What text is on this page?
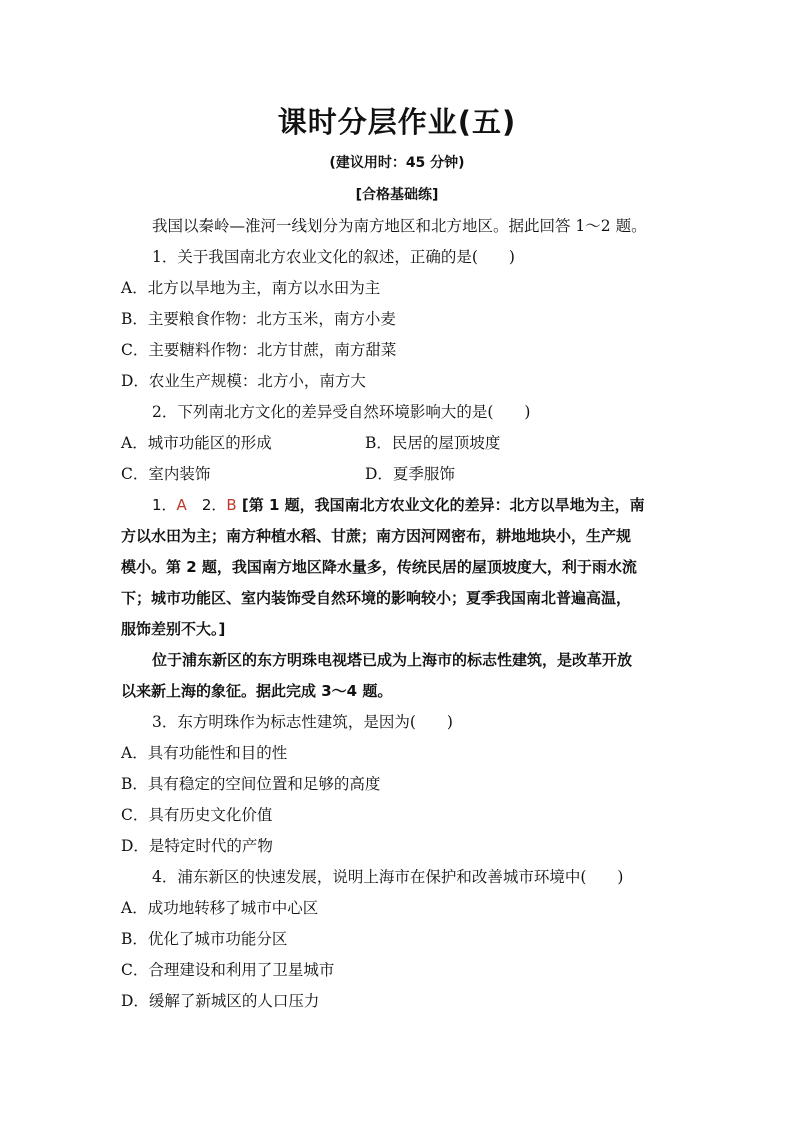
课时分层作业(五)
(建议用时：45 分钟)
[合格基础练]
我国以秦岭—淮河一线划分为南方地区和北方地区。据此回答 1～2 题。
1．关于我国南北方农业文化的叙述，正确的是(　　)
A．北方以旱地为主，南方以水田为主
B．主要粮食作物：北方玉米，南方小麦
C．主要糖料作物：北方甘蔗，南方甜菜
D．农业生产规模：北方小，南方大
2．下列南北方文化的差异受自然环境影响大的是(　　)
A．城市功能区的形成	B．民居的屋顶坡度
C．室内装饰	D．夏季服饰
1．A　2．B [第 1 题，我国南北方农业文化的差异：北方以旱地为主，南
方以水田为主；南方种植水稻、甘蔗；南方因河网密布，耕地地块小，生产规
模小。第 2 题，我国南方地区降水量多，传统民居的屋顶坡度大，利于雨水流
下；城市功能区、室内装饰受自然环境的影响较小；夏季我国南北普遍高温，
服饰差别不大。]
位于浦东新区的东方明珠电视塔已成为上海市的标志性建筑，是改革开放
以来新上海的象征。据此完成 3～4 题。
3．东方明珠作为标志性建筑，是因为(　　)
A．具有功能性和目的性
B．具有稳定的空间位置和足够的高度
C．具有历史文化价值
D．是特定时代的产物
4．浦东新区的快速发展，说明上海市在保护和改善城市环境中(　　)
A．成功地转移了城市中心区
B．优化了城市功能分区
C．合理建设和利用了卫星城市
D．缓解了新城区的人口压力
